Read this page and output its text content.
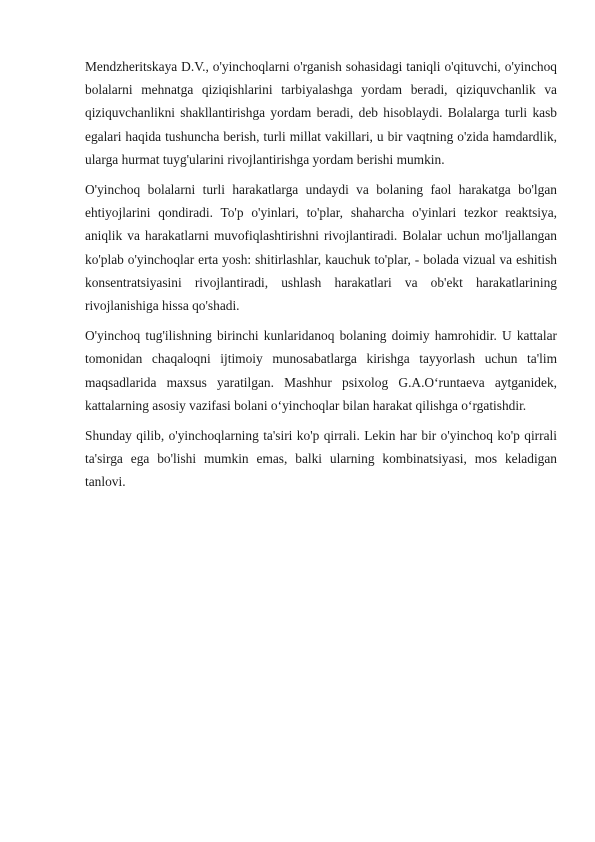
Mendzheritskaya D.V., o'yinchoqlarni o'rganish sohasidagi taniqli o'qituvchi, o'yinchoq bolalarni mehnatga qiziqishlarini tarbiyalashga yordam beradi, qiziquvchanlik va qiziquvchanlikni shakllantirishga yordam beradi, deb hisoblaydi. Bolalarga turli kasb egalari haqida tushuncha berish, turli millat vakillari, u bir vaqtning o'zida hamdardlik, ularga hurmat tuyg'ularini rivojlantirishga yordam berishi mumkin.

O'yinchoq bolalarni turli harakatlarga undaydi va bolaning faol harakatga bo'lgan ehtiyojlarini qondiradi. To'p o'yinlari, to'plar, shaharcha o'yinlari tezkor reaktsiya, aniqlik va harakatlarni muvofiqlashtirishni rivojlantiradi. Bolalar uchun mo'ljallangan ko'plab o'yinchoqlar erta yosh: shitirlashlar, kauchuk to'plar, - bolada vizual va eshitish konsentratsiyasini rivojlantiradi, ushlash harakatlari va ob'ekt harakatlarining rivojlanishiga hissa qo'shadi.

O'yinchoq tug'ilishning birinchi kunlaridanoq bolaning doimiy hamrohidir. U kattalar tomonidan chaqaloqni ijtimoiy munosabatlarga kirishga tayyorlash uchun ta'lim maqsadlarida maxsus yaratilgan. Mashhur psixolog G.A.O‘runtaeva aytganidek, kattalarning asosiy vazifasi bolani o‘yinchoqlar bilan harakat qilishga o‘rgatishdir.

Shunday qilib, o'yinchoqlarning ta'siri ko'p qirrali. Lekin har bir o'yinchoq ko'p qirrali ta'sirga ega bo'lishi mumkin emas, balki ularning kombinatsiyasi, mos keladigan tanlovi.
